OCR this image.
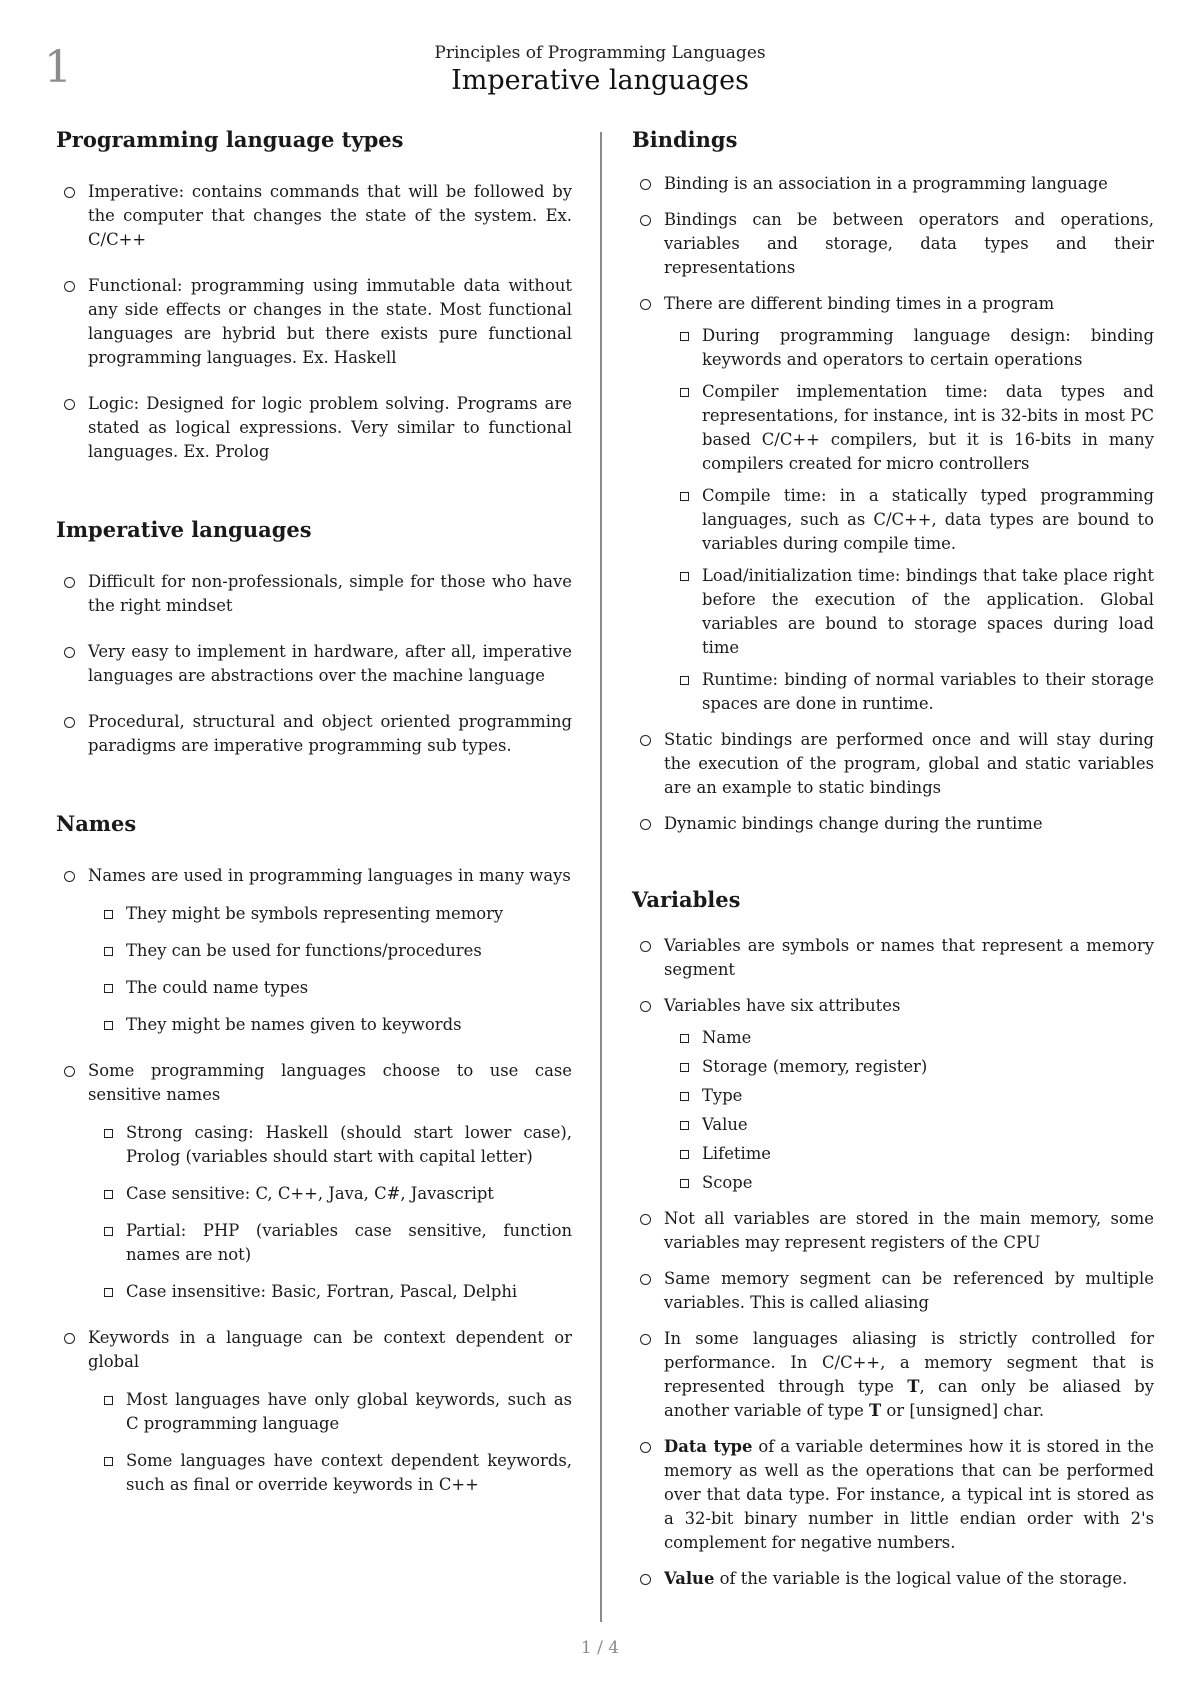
1	Principles of Programming Languages
Imperative languages
Programming language types
Imperative: contains commands that will be followed by the computer that changes the state of the system. Ex. C/C++
Functional: programming using immutable data without any side effects or changes in the state. Most functional languages are hybrid but there exists pure functional programming languages. Ex. Haskell
Logic: Designed for logic problem solving. Programs are stated as logical expressions. Very similar to functional languages. Ex. Prolog
Imperative languages
Difficult for non-professionals, simple for those who have the right mindset
Very easy to implement in hardware, after all, imperative languages are abstractions over the machine language
Procedural, structural and object oriented programming paradigms are imperative programming sub types.
Names
Names are used in programming languages in many ways
They might be symbols representing memory
They can be used for functions/procedures
The could name types
They might be names given to keywords
Some programming languages choose to use case sensitive names
Strong casing: Haskell (should start lower case), Prolog (variables should start with capital letter)
Case sensitive: C, C++, Java, C#, Javascript
Partial: PHP (variables case sensitive, function names are not)
Case insensitive: Basic, Fortran, Pascal, Delphi
Keywords in a language can be context dependent or global
Most languages have only global keywords, such as C programming language
Some languages have context dependent keywords, such as final or override keywords in C++
Bindings
Binding is an association in a programming language
Bindings can be between operators and operations, variables and storage, data types and their representations
There are different binding times in a program
During programming language design: binding keywords and operators to certain operations
Compiler implementation time: data types and representations, for instance, int is 32-bits in most PC based C/C++ compilers, but it is 16-bits in many compilers created for micro controllers
Compile time: in a statically typed programming languages, such as C/C++, data types are bound to variables during compile time.
Load/initialization time: bindings that take place right before the execution of the application. Global variables are bound to storage spaces during load time
Runtime: binding of normal variables to their storage spaces are done in runtime.
Static bindings are performed once and will stay during the execution of the program, global and static variables are an example to static bindings
Dynamic bindings change during the runtime
Variables
Variables are symbols or names that represent a memory segment
Variables have six attributes
Name
Storage (memory, register)
Type
Value
Lifetime
Scope
Not all variables are stored in the main memory, some variables may represent registers of the CPU
Same memory segment can be referenced by multiple variables. This is called aliasing
In some languages aliasing is strictly controlled for performance. In C/C++, a memory segment that is represented through type T, can only be aliased by another variable of type T or [unsigned] char.
Data type of a variable determines how it is stored in the memory as well as the operations that can be performed over that data type. For instance, a typical int is stored as a 32-bit binary number in little endian order with 2's complement for negative numbers.
Value of the variable is the logical value of the storage.
1 / 4
